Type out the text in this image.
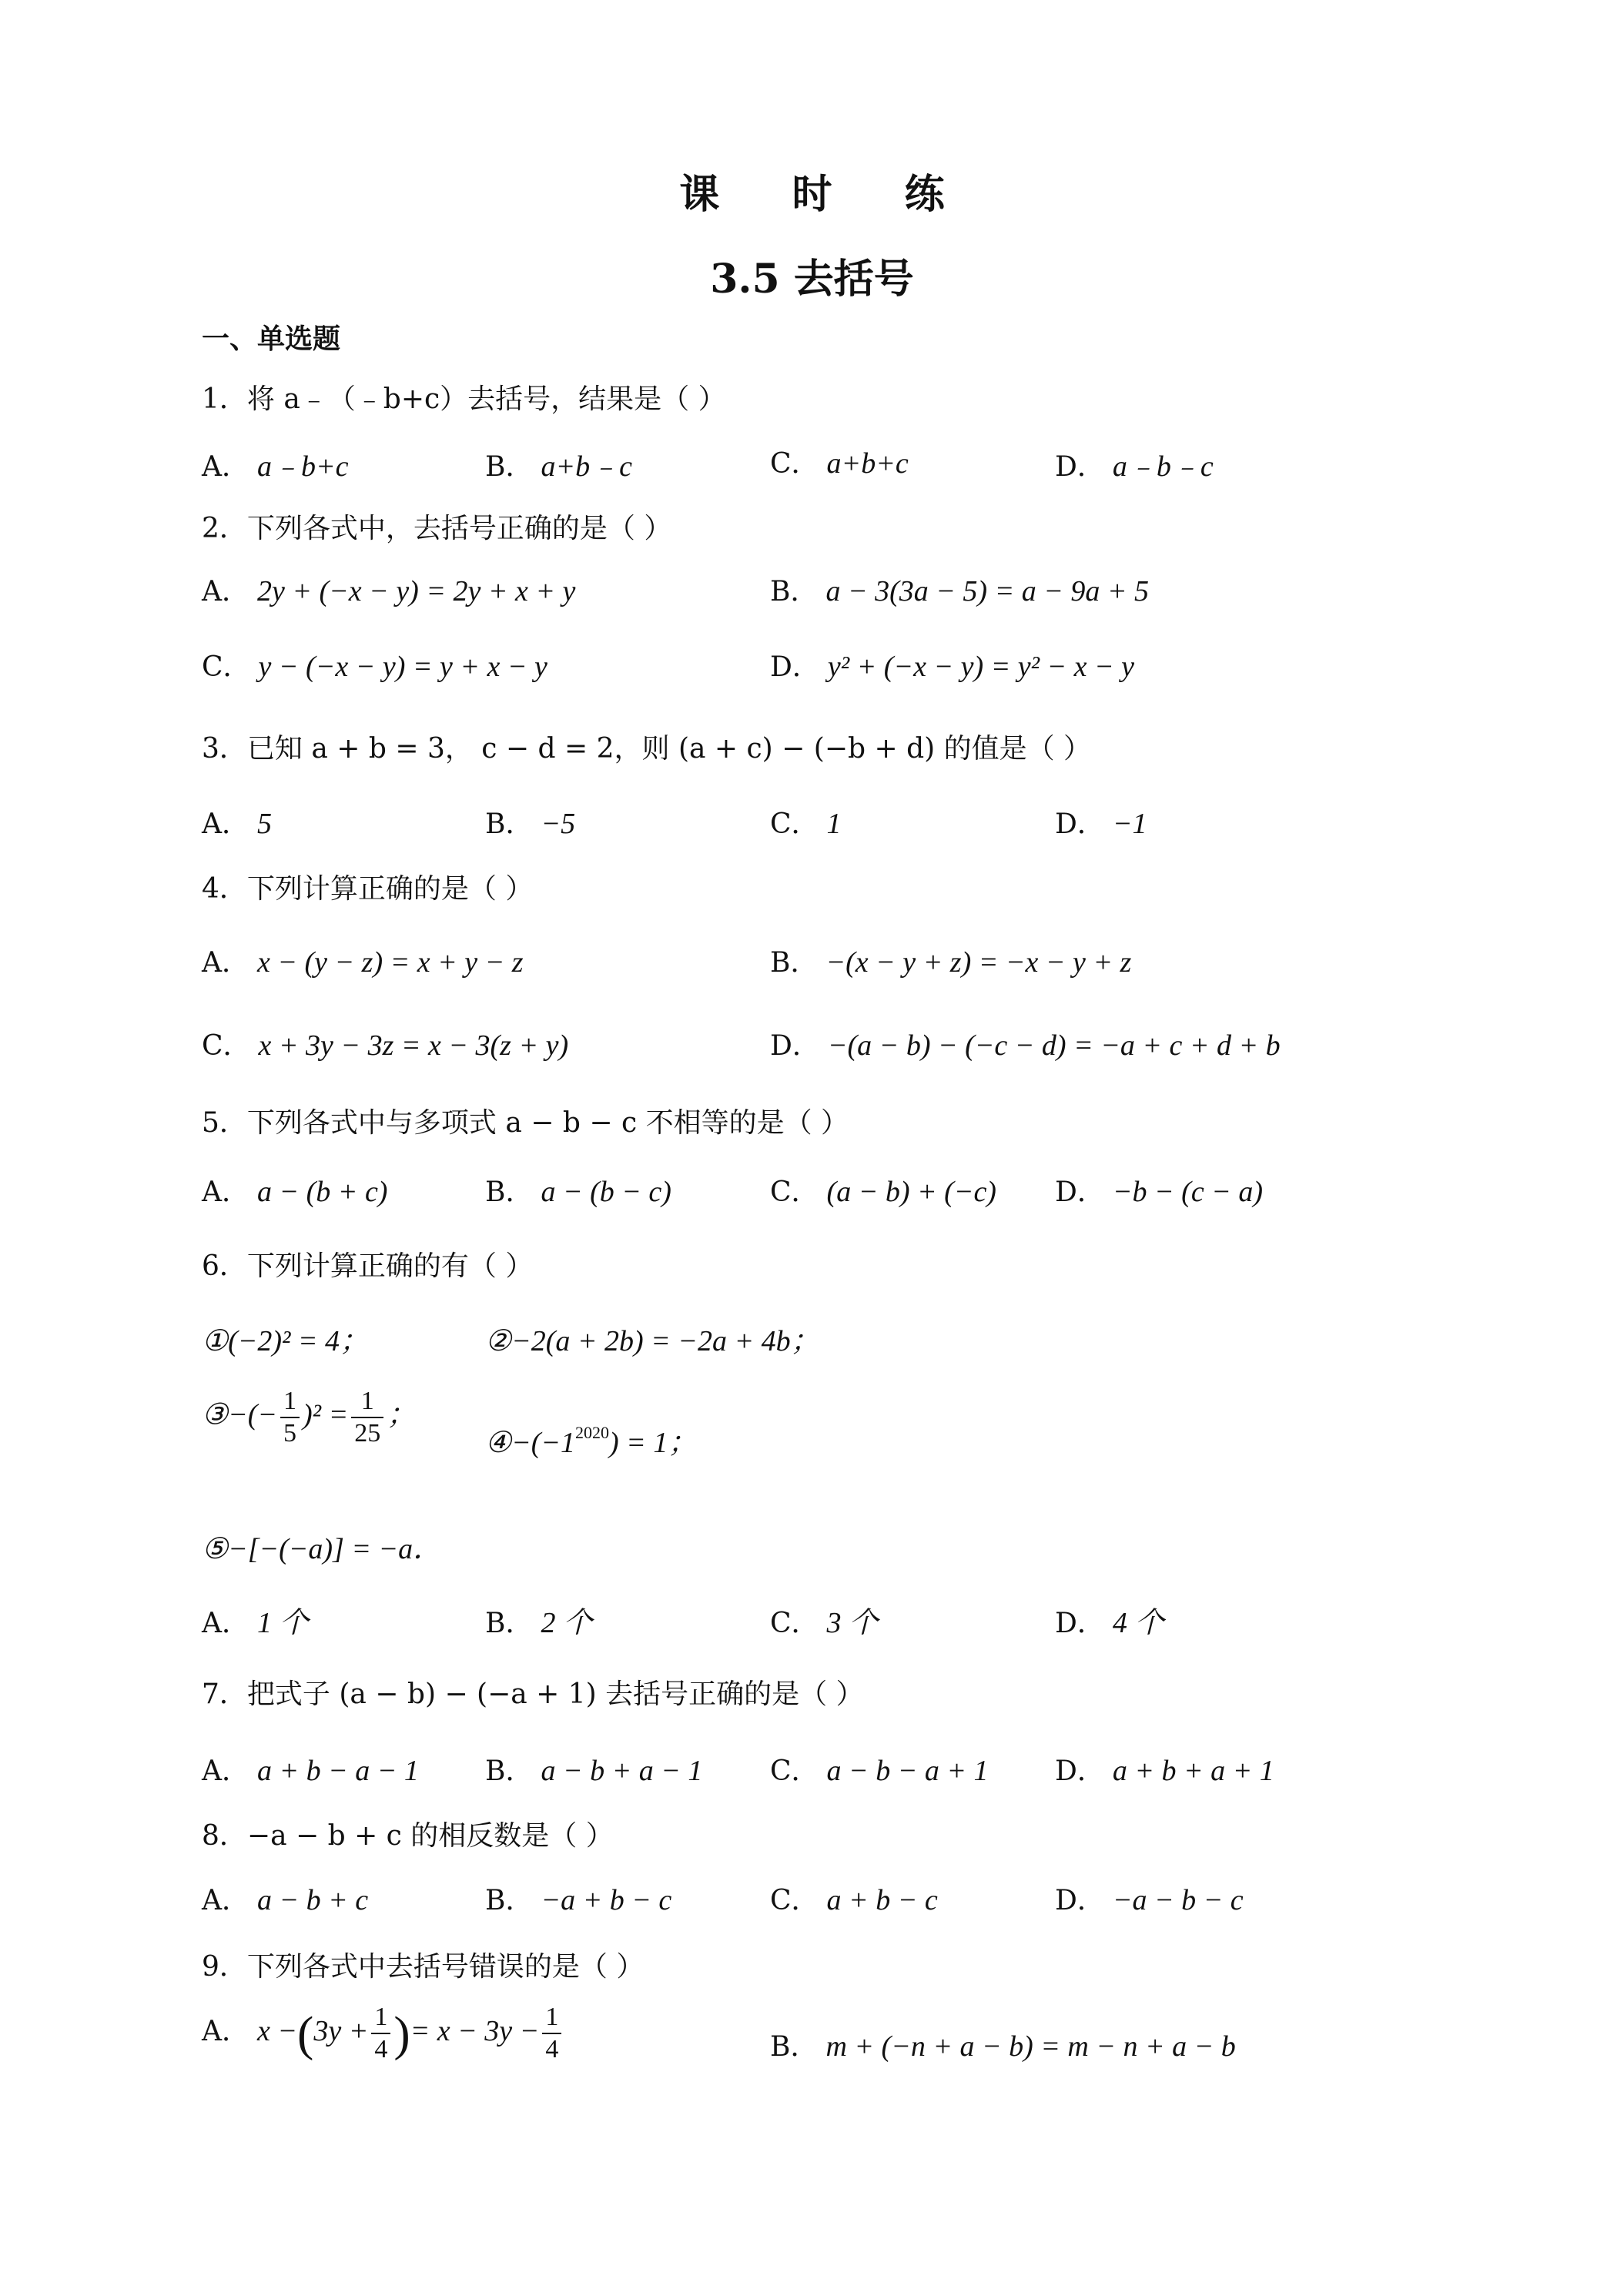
课 时 练
3.5 去括号
一、单选题
1．将 a﹣（﹣b+c）去括号，结果是（ ）
A． a﹣b+c	B． a+b﹣c	C． a+b+c	D． a﹣b﹣c
2．下列各式中，去括号正确的是（ ）
A． 2y + (−x − y) = 2y + x + y	B． a − 3(3a − 5) = a − 9a + 5
C． y − (−x − y) = y + x − y	D． y² + (−x − y) = y² − x − y
3．已知 a + b = 3， c − d = 2，则 (a + c) − (−b + d) 的值是（ ）
A． 5	B． −5	C． 1	D． −1
4．下列计算正确的是（ ）
A． x − (y − z) = x + y − z	B． −(x − y + z) = −x − y + z
C． x + 3y − 3z = x − 3(z + y)	D． −(a − b) − (−c − d) = −a + c + d + b
5．下列各式中与多项式 a − b − c 不相等的是（ ）
A． a − (b + c)	B． a − (b − c)	C． (a − b) + (−c) D． −b − (c − a)
6．下列计算正确的有（ ）
①(−2)² = 4；	②−2(a + 2b) = −2a + 4b；
③−(− $\frac{1}{5} )^2 = \frac{1}{25}$ ；
$④-(-1^{2020}) = 1$；
⑤−[−(−a)] = −a．
A． 1 个	B． 2 个	C． 3 个	D． 4 个
7．把式子 (a − b) − (−a + 1) 去括号正确的是（ ）
A． a + b − a − 1 B． a − b + a − 1 C． a − b − a + 1 D． a + b + a + 1
8．−a − b + c 的相反数是（ ）
A． a − b + c	B． −a + b − c	C． a + b − c	D． −a − b − c
9．下列各式中去括号错误的是（ ）
A． $x -(3y + \frac{1}{4}$ )= $x - 3y - \frac{1}{4}$	B． m + (−n + a − b) = m − n + a − b
